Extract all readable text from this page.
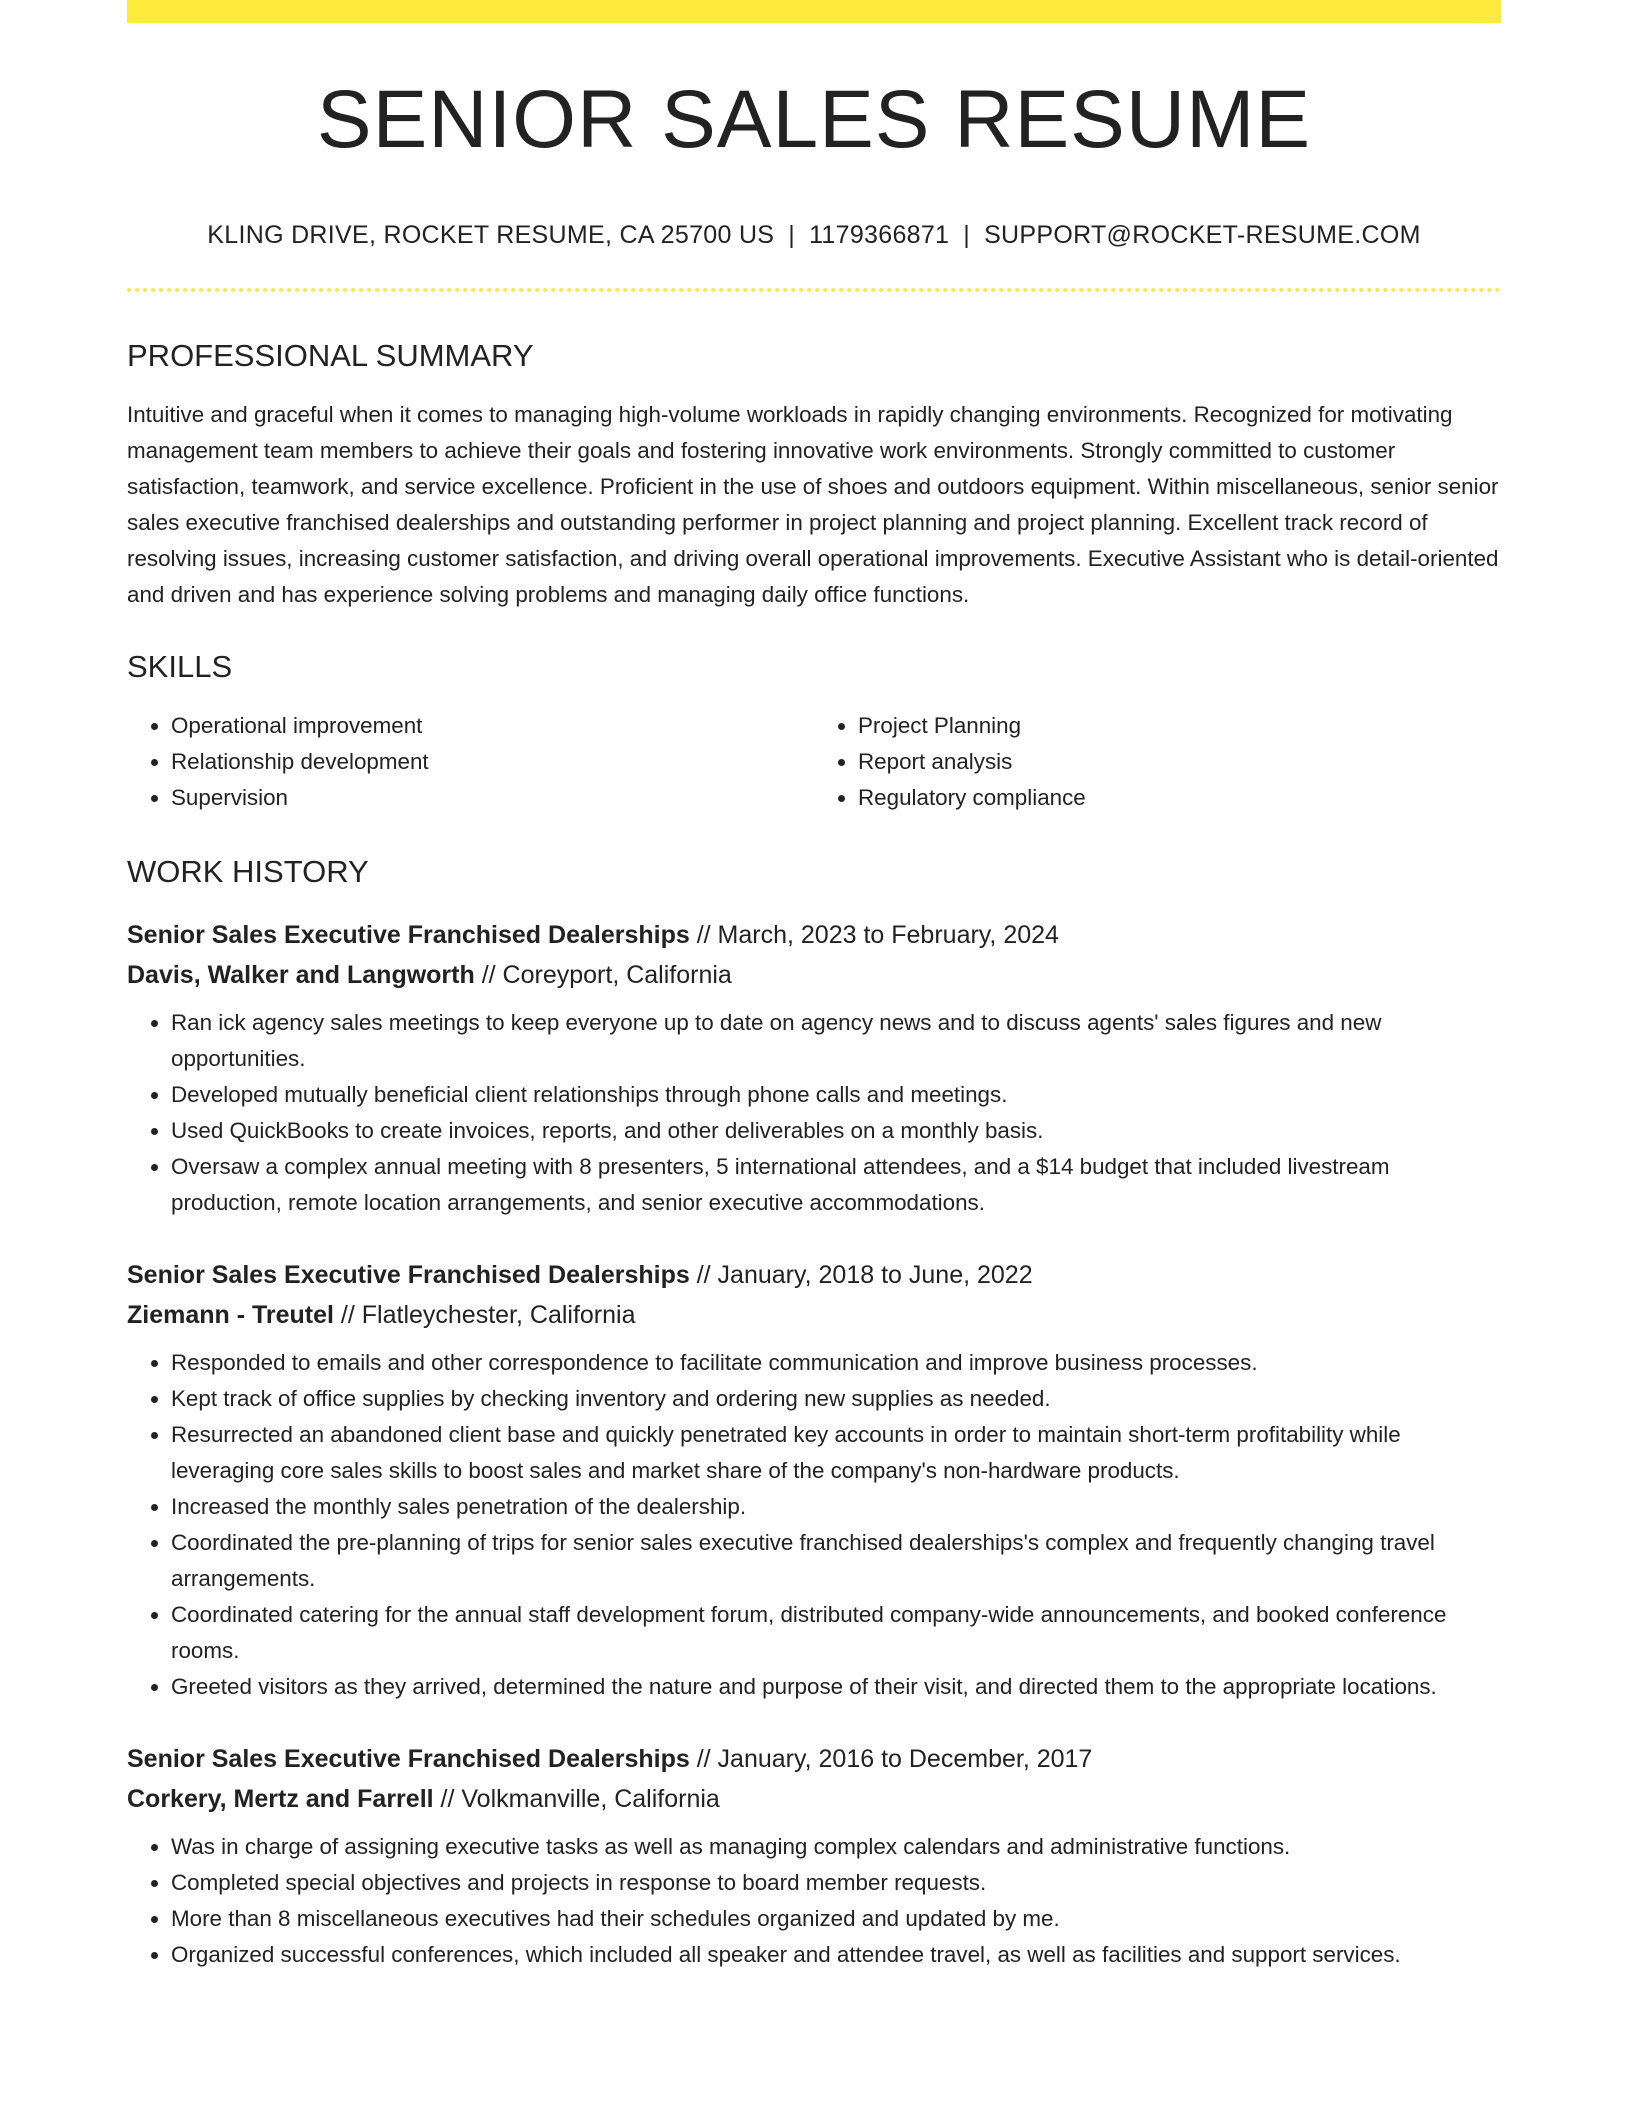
SENIOR SALES RESUME
KLING DRIVE, ROCKET RESUME, CA 25700 US | 1179366871 | SUPPORT@ROCKET-RESUME.COM
PROFESSIONAL SUMMARY
Intuitive and graceful when it comes to managing high-volume workloads in rapidly changing environments. Recognized for motivating management team members to achieve their goals and fostering innovative work environments. Strongly committed to customer satisfaction, teamwork, and service excellence. Proficient in the use of shoes and outdoors equipment. Within miscellaneous, senior senior sales executive franchised dealerships and outstanding performer in project planning and project planning. Excellent track record of resolving issues, increasing customer satisfaction, and driving overall operational improvements. Executive Assistant who is detail-oriented and driven and has experience solving problems and managing daily office functions.
SKILLS
• Operational improvement
• Relationship development
• Supervision
• Project Planning
• Report analysis
• Regulatory compliance
WORK HISTORY
Senior Sales Executive Franchised Dealerships // March, 2023 to February, 2024
Davis, Walker and Langworth // Coreyport, California
• Ran ick agency sales meetings to keep everyone up to date on agency news and to discuss agents' sales figures and new opportunities.
• Developed mutually beneficial client relationships through phone calls and meetings.
• Used QuickBooks to create invoices, reports, and other deliverables on a monthly basis.
• Oversaw a complex annual meeting with 8 presenters, 5 international attendees, and a $14 budget that included livestream production, remote location arrangements, and senior executive accommodations.
Senior Sales Executive Franchised Dealerships // January, 2018 to June, 2022
Ziemann - Treutel // Flatleychester, California
• Responded to emails and other correspondence to facilitate communication and improve business processes.
• Kept track of office supplies by checking inventory and ordering new supplies as needed.
• Resurrected an abandoned client base and quickly penetrated key accounts in order to maintain short-term profitability while leveraging core sales skills to boost sales and market share of the company's non-hardware products.
• Increased the monthly sales penetration of the dealership.
• Coordinated the pre-planning of trips for senior sales executive franchised dealerships's complex and frequently changing travel arrangements.
• Coordinated catering for the annual staff development forum, distributed company-wide announcements, and booked conference rooms.
• Greeted visitors as they arrived, determined the nature and purpose of their visit, and directed them to the appropriate locations.
Senior Sales Executive Franchised Dealerships // January, 2016 to December, 2017
Corkery, Mertz and Farrell // Volkmanville, California
• Was in charge of assigning executive tasks as well as managing complex calendars and administrative functions.
• Completed special objectives and projects in response to board member requests.
• More than 8 miscellaneous executives had their schedules organized and updated by me.
• Organized successful conferences, which included all speaker and attendee travel, as well as facilities and support services.
